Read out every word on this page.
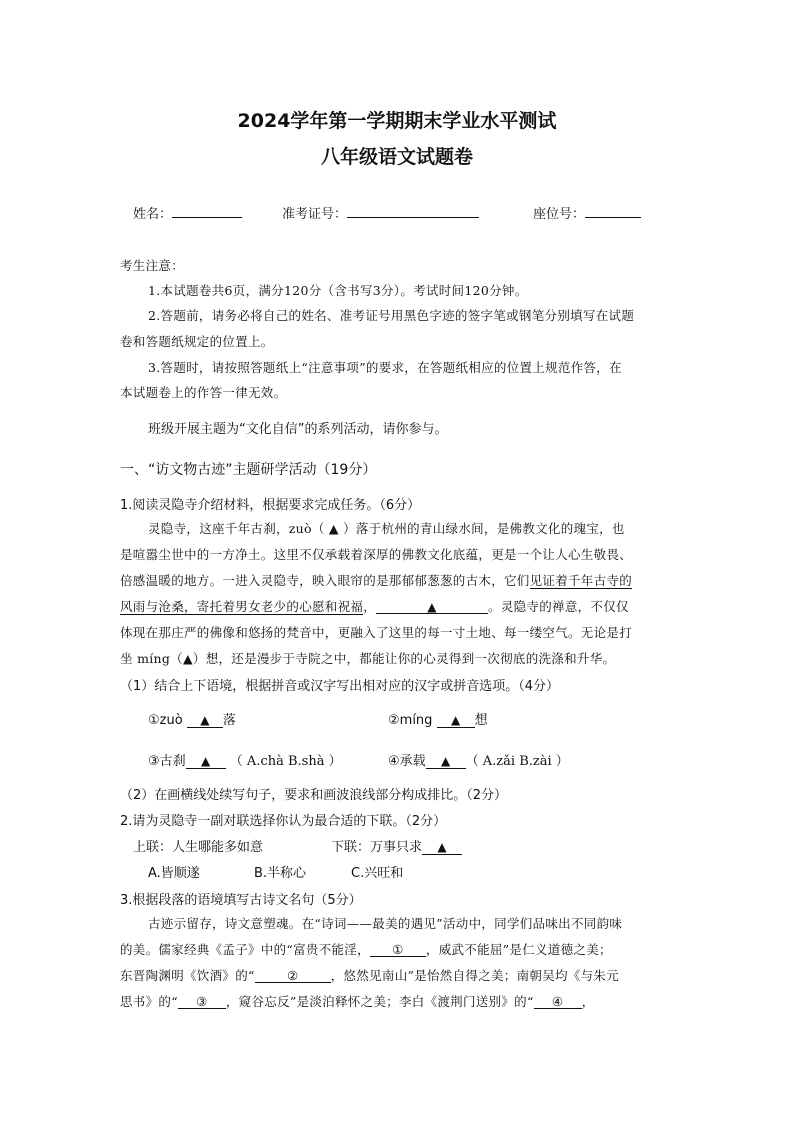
2024学年第一学期期末学业水平测试
八年级语文试题卷
姓名：	准考证号：	座位号：
考生注意：
1.本试题卷共6页，满分120分（含书写3分）。考试时间120分钟。
2.答题前，请务必将自己的姓名、准考证号用黑色字迹的签字笔或钢笔分别填写在试题
卷和答题纸规定的位置上。
3.答题时，请按照答题纸上“注意事项”的要求，在答题纸相应的位置上规范作答，在
本试题卷上的作答一律无效。
班级开展主题为“文化自信”的系列活动，请你参与。
一、“访文物古迹”主题研学活动（19分）
1.阅读灵隐寺介绍材料，根据要求完成任务。（6分）
灵隐寺，这座千年古刹，zuò（ ▲ ）落于杭州的青山绿水间，是佛教文化的瑰宝，也
是喧嚣尘世中的一方净土。这里不仅承载着深厚的佛教文化底蕴，更是一个让人心生敬畏、
倍感温暖的地方。一进入灵隐寺，映入眼帘的是那郁郁葱葱的古木，它们见证着千年古寺的
风雨与沧桑，寄托着男女老少的心愿和祝福，	▲	。灵隐寺的禅意，不仅仅
体现在那庄严的佛像和悠扬的梵音中，更融入了这里的每一寸土地、每一缕空气。无论是打
坐 míng（▲）想，还是漫步于寺院之中，都能让你的心灵得到一次彻底的洗涤和升华。
（1）结合上下语境，根据拼音或汉字写出相对应的汉字或拼音选项。（4分）
①zuò ▲ 落	②míng ▲ 想
③古刹 ▲ （ A.chà B.shà ）	④承载 ▲ （ A.zǎi B.zài ）
（2）在画横线处续写句子，要求和画波浪线部分构成排比。（2分）
2.请为灵隐寺一副对联选择你认为最合适的下联。（2分）
上联：人生哪能多如意	下联：万事只求 ▲
A.皆顺遂	B.半称心	C.兴旺和
3.根据段落的语境填写古诗文名句（5分）
古迹示留存，诗文意塑魂。在“诗词——最美的遇见”活动中，同学们品味出不同韵味
的美。儒家经典《孟子》中的“富贵不能淫， ① ，威武不能屈”是仁义道德之美；
东晋陶渊明《饮酒》的“	②	，悠然见南山”是怡然自得之美；南朝吴均《与朱元
思书》的“ ③ ，窥谷忘反”是淡泊释怀之美；李白《渡荆门送别》的“ ④ ，
